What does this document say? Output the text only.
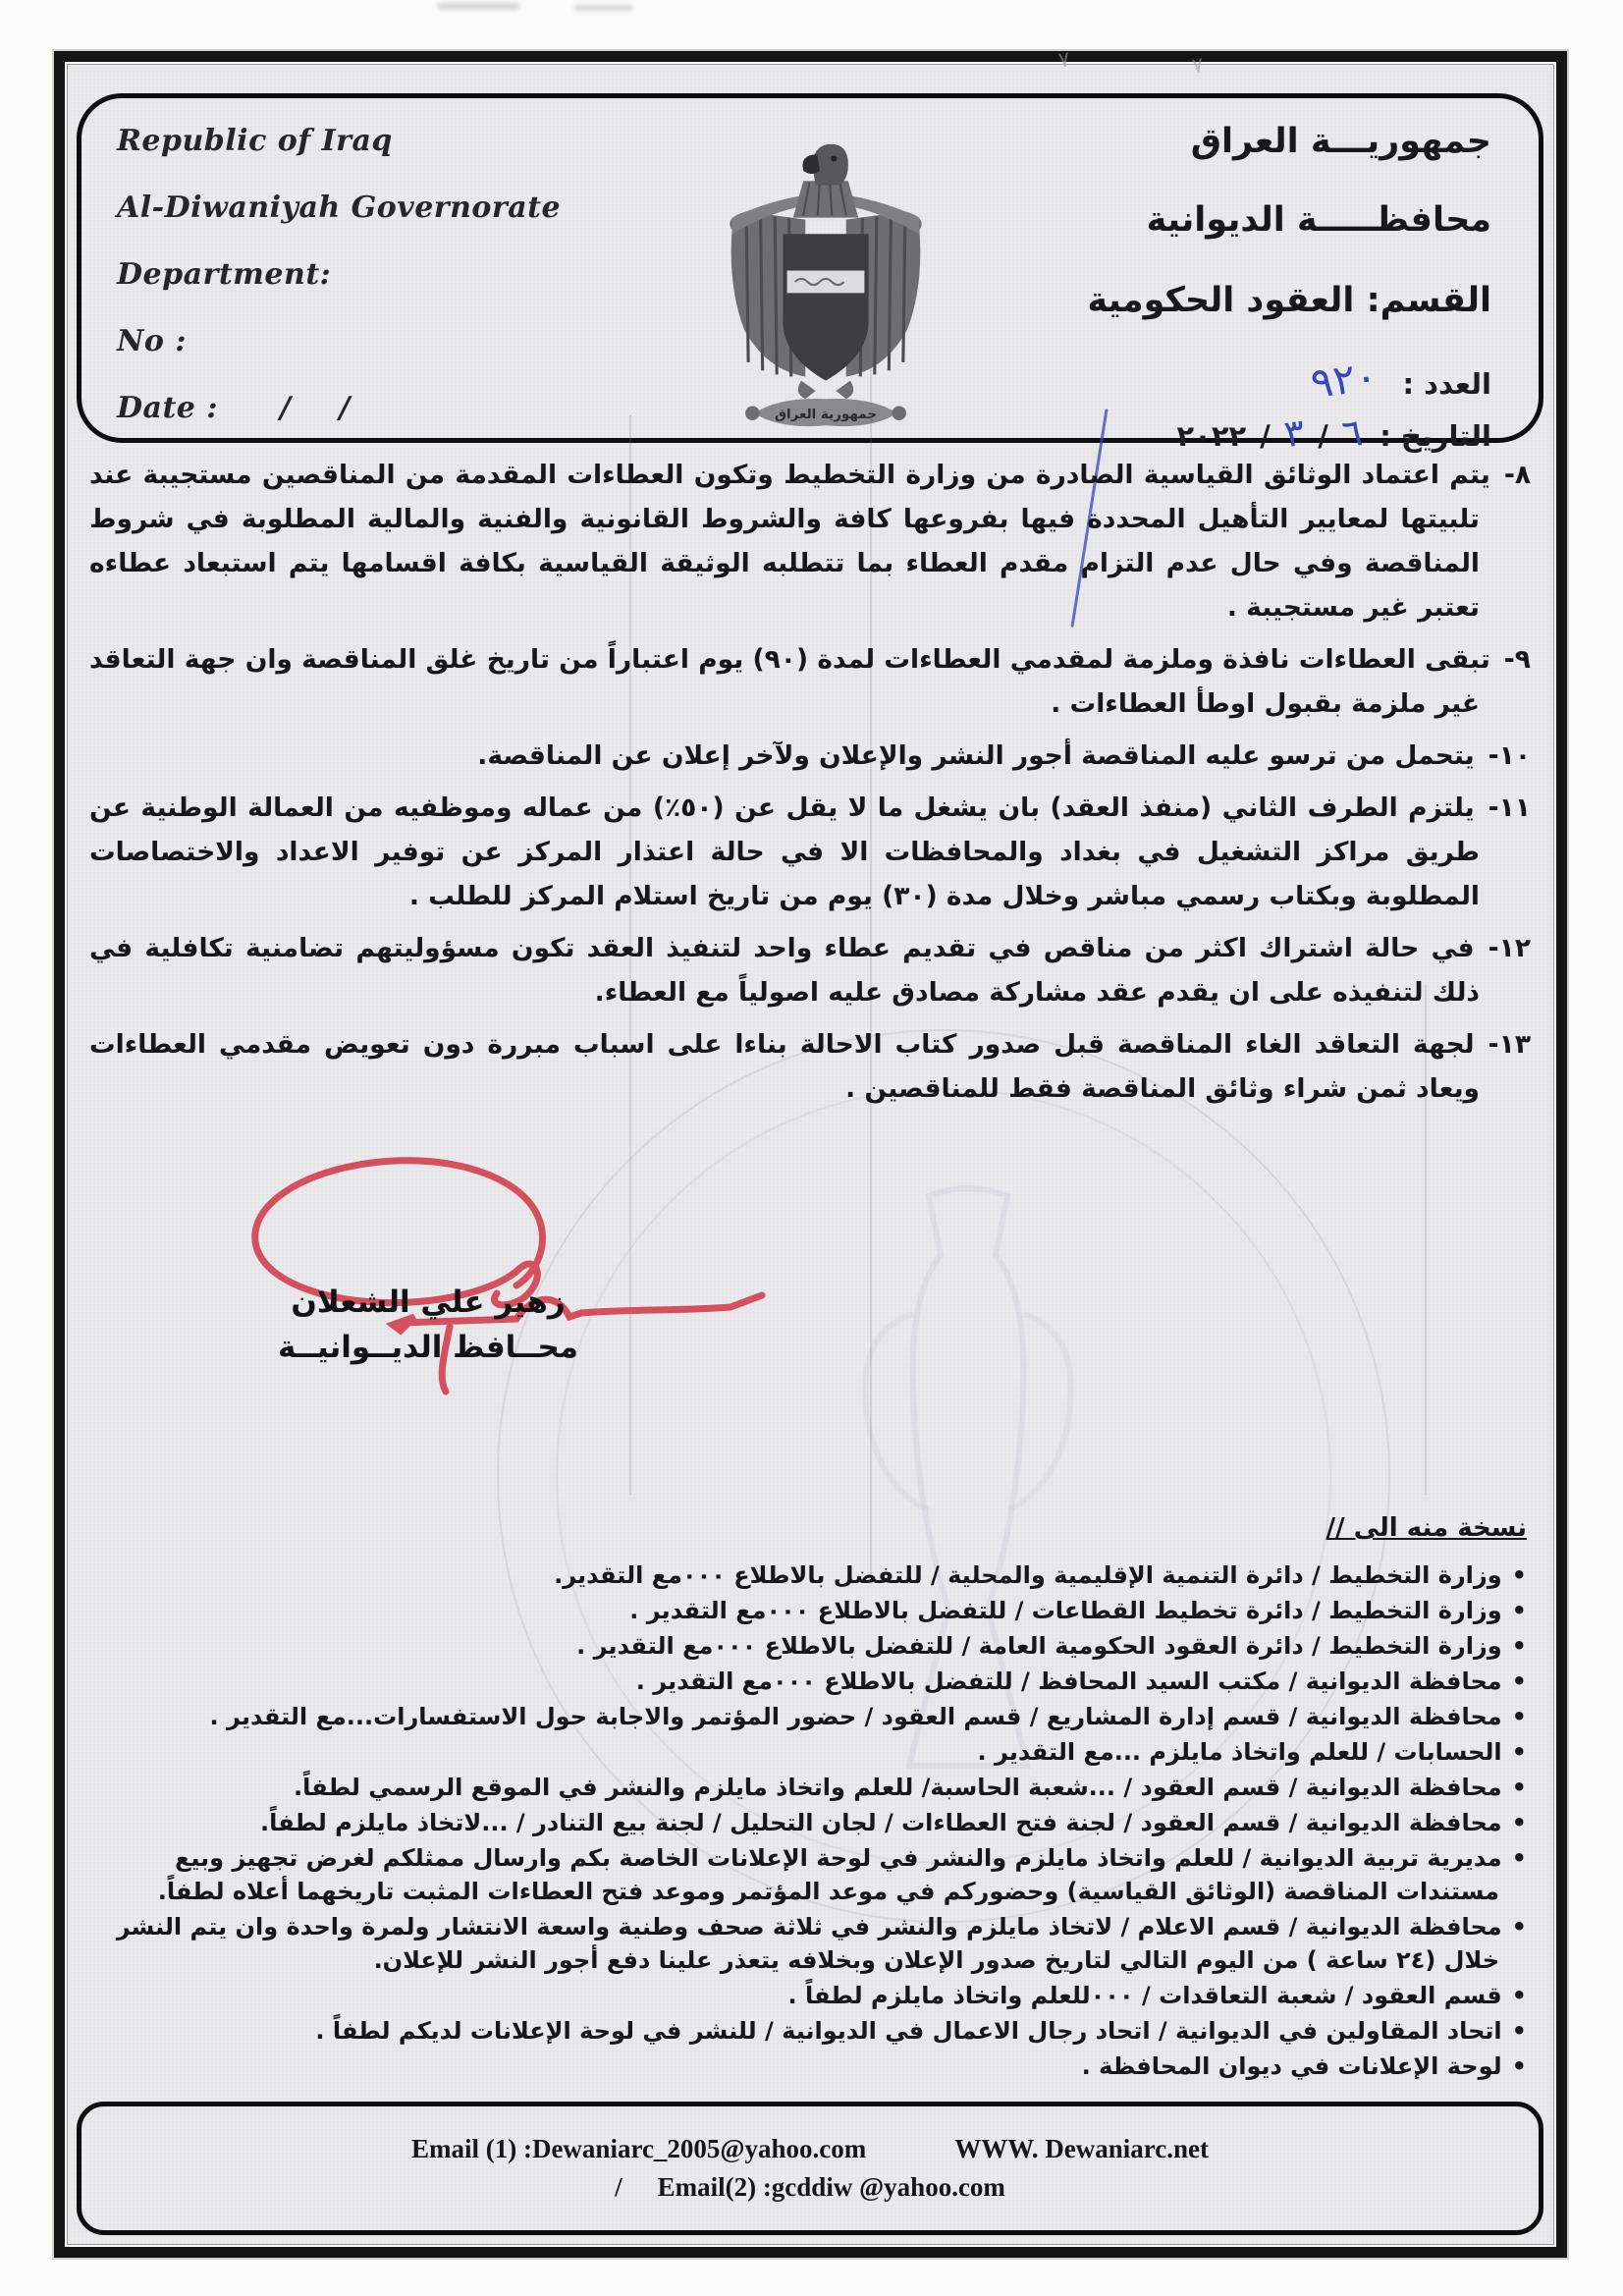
٧	٧
Republic of Iraq
Al-Diwaniyah Governorate
Department:
No :
Date : / /	جمهورية العراق
جمهوريـــة العراق
محافظـــــة الديوانية
القسم: العقود الحكومية
العدد :
٩٢٠
التاريخ :
٦
/
٣
/
٢٠٢٢

٨-يتم اعتماد الوثائق القياسية الصادرة من وزارة التخطيط وتكون العطاءات المقدمة من المناقصين مستجيبة عند تلبيتها لمعايير التأهيل المحددة فيها بفروعها كافة والشروط القانونية والفنية والمالية المطلوبة في شروط المناقصة وفي حال عدم التزام مقدم العطاء بما تتطلبه الوثيقة القياسية بكافة اقسامها يتم استبعاد عطاءه تعتبر غير مستجيبة .

٩-تبقى العطاءات نافذة وملزمة لمقدمي العطاءات لمدة (٩٠) يوم اعتباراً من تاريخ غلق المناقصة وان جهة التعاقد غير ملزمة بقبول اوطأ العطاءات .

١٠-يتحمل من ترسو عليه المناقصة أجور النشر والإعلان ولآخر إعلان عن المناقصة.

١١-يلتزم الطرف الثاني (منفذ العقد) بان يشغل ما لا يقل عن (٥٠٪) من عماله وموظفيه من العمالة الوطنية عن طريق مراكز التشغيل في بغداد والمحافظات الا في حالة اعتذار المركز عن توفير الاعداد والاختصاصات المطلوبة وبكتاب رسمي مباشر وخلال مدة (٣٠) يوم من تاريخ استلام المركز للطلب .

١٢-في حالة اشتراك اكثر من مناقص في تقديم عطاء واحد لتنفيذ العقد تكون مسؤوليتهم تضامنية تكافلية في ذلك لتنفيذه على ان يقدم عقد مشاركة مصادق عليه اصولياً مع العطاء.

١٣-لجهة التعاقد الغاء المناقصة قبل صدور كتاب الاحالة بناءا على اسباب مبررة دون تعويض مقدمي العطاءات ويعاد ثمن شراء وثائق المناقصة فقط للمناقصين .

زهير علي الشعلان
محــافظ الديــوانيــة
نسخة منه الى //
•وزارة التخطيط / دائرة التنمية الإقليمية والمحلية / للتفضل بالاطلاع ٠٠٠مع التقدير.
•وزارة التخطيط / دائرة تخطيط القطاعات / للتفضل بالاطلاع ٠٠٠مع التقدير .
•وزارة التخطيط / دائرة العقود الحكومية العامة / للتفضل بالاطلاع ٠٠٠مع التقدير .
•محافظة الديوانية / مكتب السيد المحافظ / للتفضل بالاطلاع ٠٠٠مع التقدير .
•محافظة الديوانية / قسم إدارة المشاريع / قسم العقود / حضور المؤتمر والاجابة حول الاستفسارات...مع التقدير .
•الحسابات / للعلم واتخاذ مايلزم ...مع التقدير .
•محافظة الديوانية / قسم العقود / ...شعبة الحاسبة/ للعلم واتخاذ مايلزم والنشر في الموقع الرسمي لطفاً.
•محافظة الديوانية / قسم العقود / لجنة فتح العطاءات / لجان التحليل / لجنة بيع التنادر / ...لاتخاذ مايلزم لطفاً.
•مديرية تربية الديوانية / للعلم واتخاذ مايلزم والنشر في لوحة الإعلانات الخاصة بكم وارسال ممثلكم لغرض تجهيز وبيع مستندات المناقصة (الوثائق القياسية) وحضوركم في موعد المؤتمر وموعد فتح العطاءات المثبت تاريخهما أعلاه لطفاً.
•محافظة الديوانية / قسم الاعلام / لاتخاذ مايلزم والنشر في ثلاثة صحف وطنية واسعة الانتشار ولمرة واحدة وان يتم النشر خلال (٢٤ ساعة ) من اليوم التالي لتاريخ صدور الإعلان وبخلافه يتعذر علينا دفع أجور النشر للإعلان.
•قسم العقود / شعبة التعاقدات / ٠٠٠للعلم واتخاذ مايلزم لطفاً .
•اتحاد المقاولين في الديوانية / اتحاد رجال الاعمال في الديوانية / للنشر في لوحة الإعلانات لديكم لطفاً .
•لوحة الإعلانات في ديوان المحافظة .
Email (1) :Dewaniarc_2005@yahoo.com	WWW. Dewaniarc.net
/ Email(2) :gcddiw @yahoo.com
